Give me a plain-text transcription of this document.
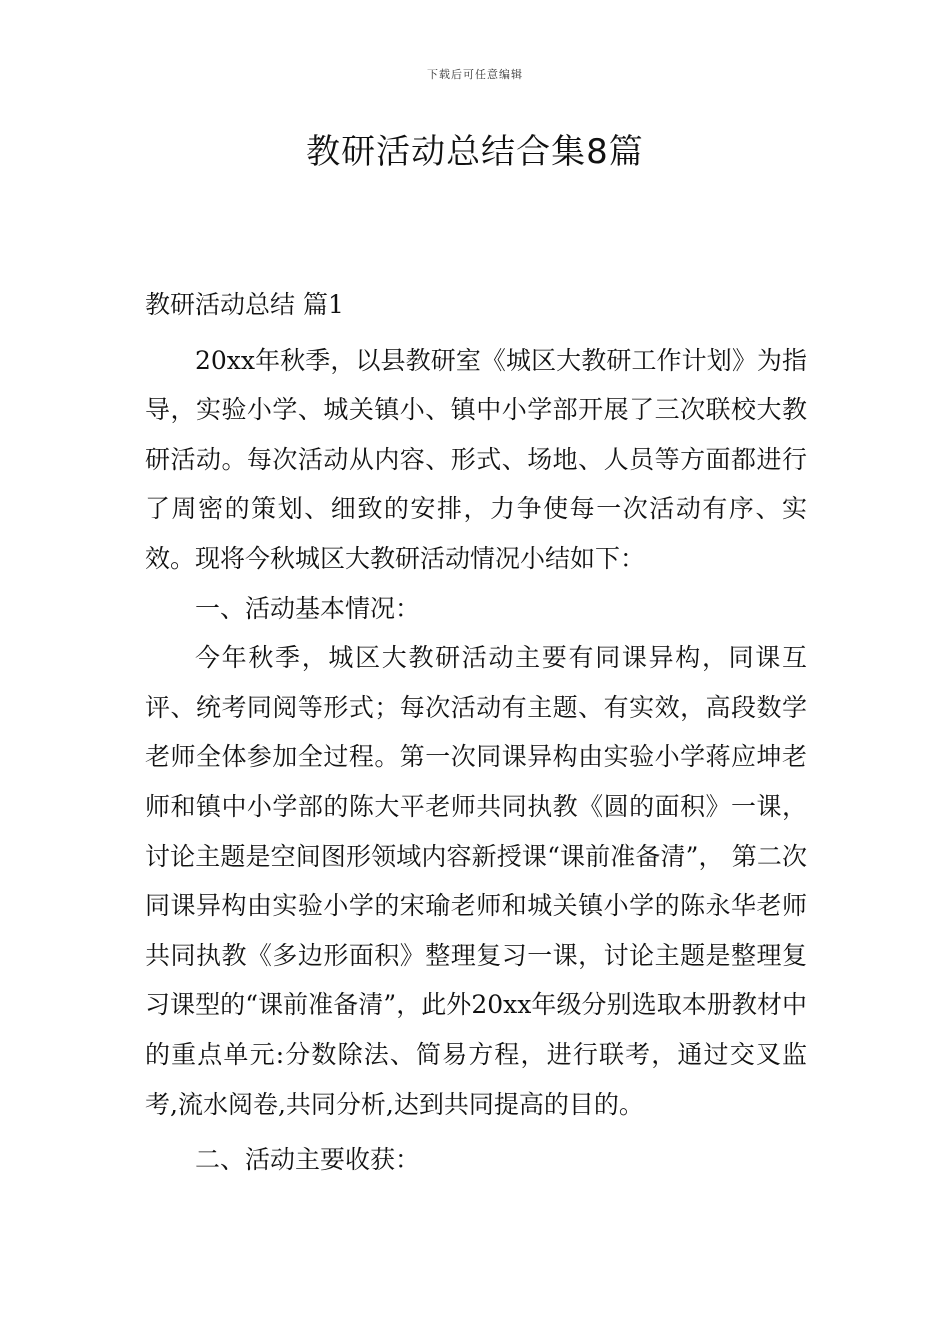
下载后可任意编辑
教研活动总结合集8篇

教研活动总结 篇1

20xx年秋季，以县教研室《城区大教研工作计划》为指导，实验小学、城关镇小、镇中小学部开展了三次联校大教研活动。每次活动从内容、形式、场地、人员等方面都进行了周密的策划、细致的安排，力争使每一次活动有序、实效。现将今秋城区大教研活动情况小结如下：

一、活动基本情况：

今年秋季，城区大教研活动主要有同课异构，同课互评、统考同阅等形式；每次活动有主题、有实效，高段数学老师全体参加全过程。第一次同课异构由实验小学蒋应坤老师和镇中小学部的陈大平老师共同执教《圆的面积》一课，讨论主题是空间图形领域内容新授课“课前准备清”， 第二次同课异构由实验小学的宋瑜老师和城关镇小学的陈永华老师共同执教《多边形面积》整理复习一课，讨论主题是整理复习课型的“课前准备清”，此外20xx年级分别选取本册教材中的重点单元:分数除法、简易方程，进行联考，通过交叉监考,流水阅卷,共同分析,达到共同提高的目的。

二、活动主要收获：
